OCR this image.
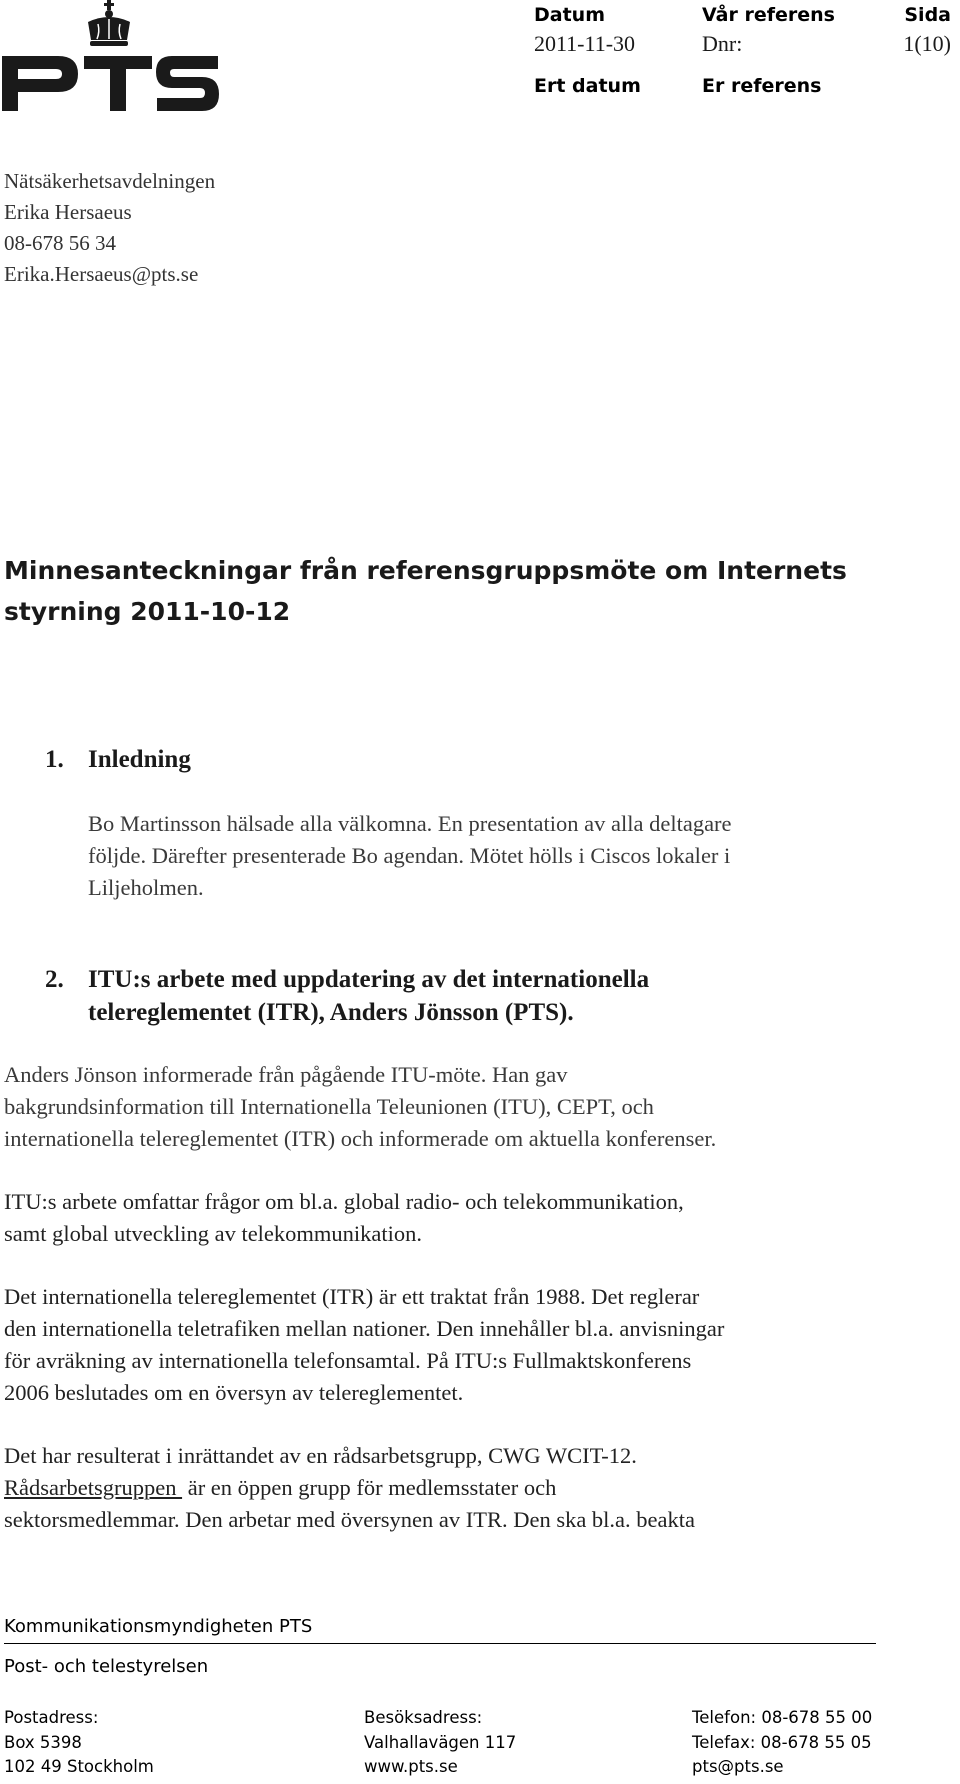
Datum
2011-11-30
Vår referens
Dnr:
Sida
1(10)
Ert datum	Er referens
Nätsäkerhetsavdelningen
Erika Hersaeus
08-678 56 34
Erika.Hersaeus@pts.se
Minnesanteckningar från referensgruppsmöte om Internets
styrning 2011-10-12
1. Inledning
Bo Martinsson hälsade alla välkomna. En presentation av alla deltagare
följde. Därefter presenterade Bo agendan. Mötet hölls i Ciscos lokaler i
Liljeholmen.
2. ITU:s arbete med uppdatering av det internationella
telereglementet (ITR), Anders Jönsson (PTS).
Anders Jönson informerade från pågående ITU-möte. Han gav
bakgrundsinformation till Internationella Teleunionen (ITU), CEPT, och
internationella telereglementet (ITR) och informerade om aktuella konferenser.
ITU:s arbete omfattar frågor om bl.a. global radio- och telekommunikation,
samt global utveckling av telekommunikation.
Det internationella telereglementet (ITR) är ett traktat från 1988. Det reglerar
den internationella teletrafiken mellan nationer. Den innehåller bl.a. anvisningar
för avräkning av internationella telefonsamtal. På ITU:s Fullmaktskonferens
2006 beslutades om en översyn av telereglementet.
Det har resulterat i inrättandet av en rådsarbetsgrupp, CWG WCIT-12.
Rådsarbetsgruppen  är en öppen grupp för medlemsstater och
sektorsmedlemmar. Den arbetar med översynen av ITR. Den ska bl.a. beakta
Kommunikationsmyndigheten PTS
Post- och telestyrelsen
Postadress:
Box 5398
102 49 Stockholm
Besöksadress:
Valhallavägen 117
www.pts.se
Telefon: 08-678 55 00
Telefax: 08-678 55 05
pts@pts.se
